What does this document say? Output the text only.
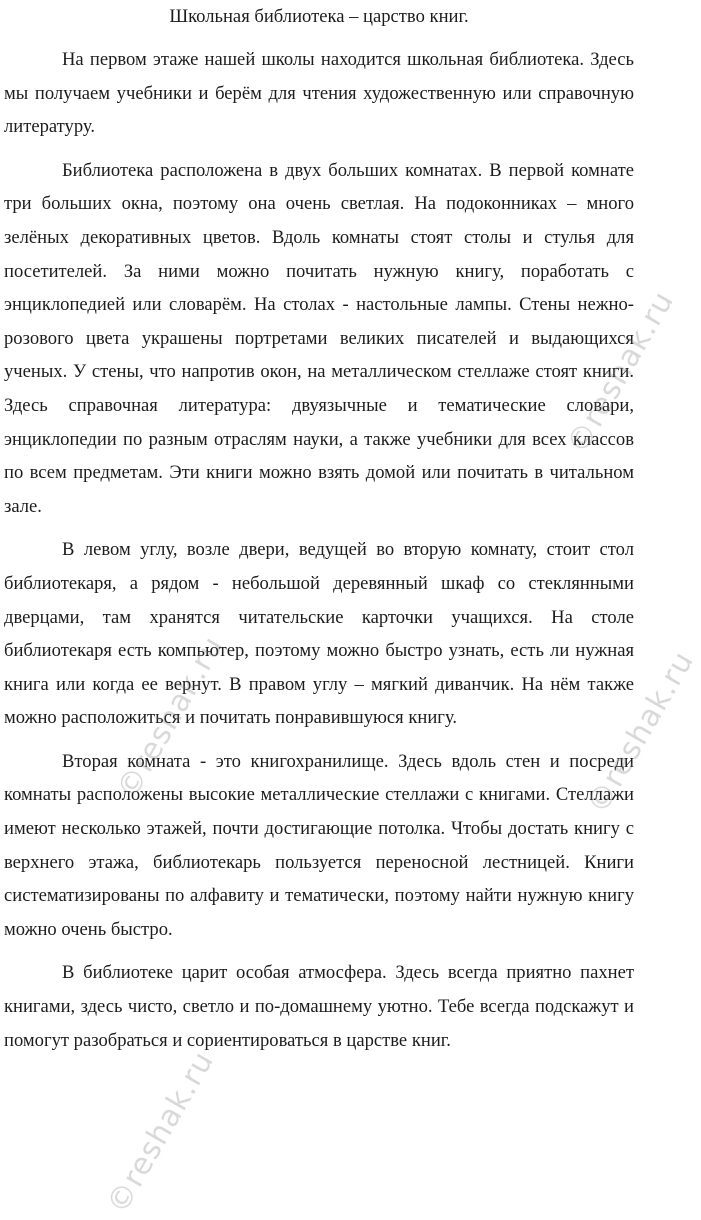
Школьная библиотека – царство книг.

На первом этаже нашей школы находится школьная библиотека. Здесь мы получаем учебники и берём для чтения художественную или справочную литературу.

Библиотека расположена в двух больших комнатах. В первой комнате три больших окна, поэтому она очень светлая. На подоконниках – много зелёных декоративных цветов. Вдоль комнаты стоят столы и стулья для посетителей. За ними можно почитать нужную книгу, поработать с энциклопедией или словарём. На столах - настольные лампы. Стены нежно-розового цвета украшены портретами великих писателей и выдающихся ученых. У стены, что напротив окон, на металлическом стеллаже стоят книги. Здесь справочная литература: двуязычные и тематические словари, энциклопедии по разным отраслям науки, а также учебники для всех классов по всем предметам. Эти книги можно взять домой или почитать в читальном зале.

В левом углу, возле двери, ведущей во вторую комнату, стоит стол библиотекаря, а рядом - небольшой деревянный шкаф со стеклянными дверцами, там хранятся читательские карточки учащихся. На столе библиотекаря есть компьютер, поэтому можно быстро узнать, есть ли нужная книга или когда ее вернут. В правом углу – мягкий диванчик. На нём также можно расположиться и почитать понравившуюся книгу.

Вторая комната - это книгохранилище. Здесь вдоль стен и посреди комнаты расположены высокие металлические стеллажи с книгами. Стеллажи имеют несколько этажей, почти достигающие потолка. Чтобы достать книгу с верхнего этажа, библиотекарь пользуется переносной лестницей. Книги систематизированы по алфавиту и тематически, поэтому найти нужную книгу можно очень быстро.

В библиотеке царит особая атмосфера. Здесь всегда приятно пахнет книгами, здесь чисто, светло и по-домашнему уютно. Тебе всегда подскажут и помогут разобраться и сориентироваться в царстве книг.

©reshak.ru
©reshak.ru	©reshak.ru
©reshak.ru
